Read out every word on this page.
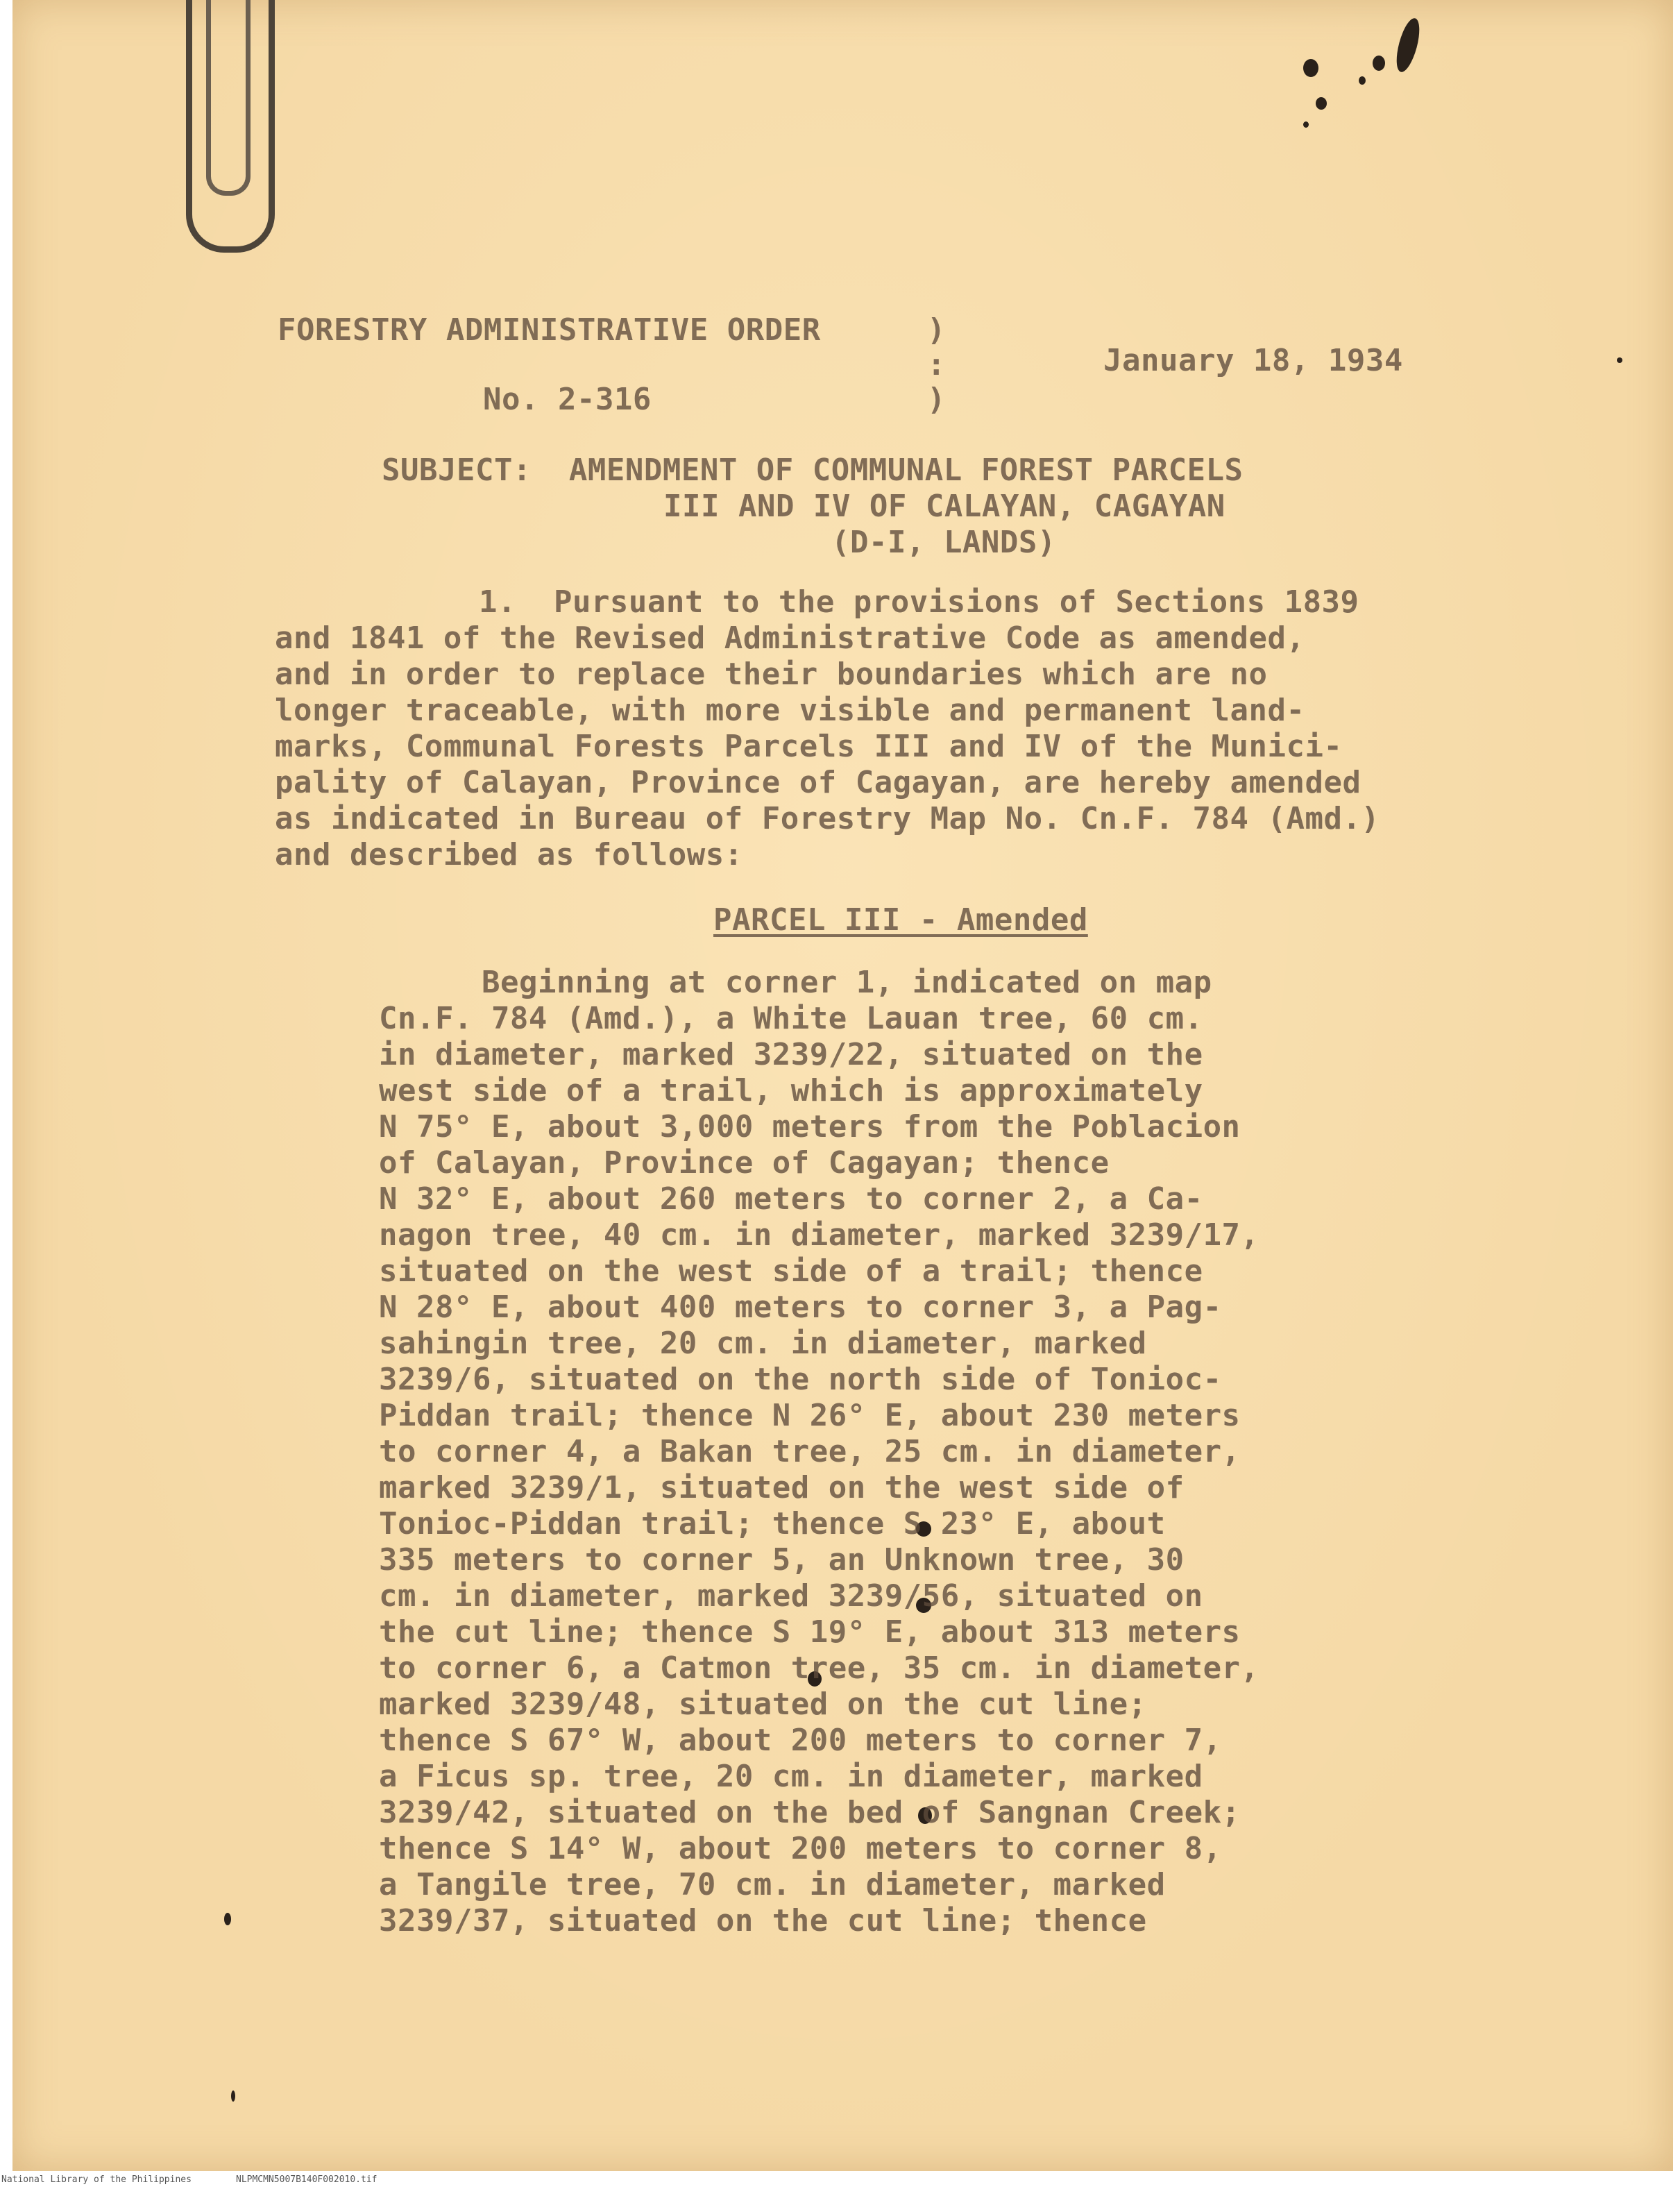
FORESTRY ADMINISTRATIVE ORDER
No. 2-316
)
:
)
January 18, 1934
SUBJECT:  AMENDMENT OF COMMUNAL FOREST PARCELS
III AND IV OF CALAYAN, CAGAYAN
(D-I, LANDS)
1.  Pursuant to the provisions of Sections 1839
and 1841 of the Revised Administrative Code as amended,
and in order to replace their boundaries which are no
longer traceable, with more visible and permanent land-
marks, Communal Forests Parcels III and IV of the Munici-
pality of Calayan, Province of Cagayan, are hereby amended
as indicated in Bureau of Forestry Map No. Cn.F. 784 (Amd.)
and described as follows:
PARCEL III - Amended
Beginning at corner 1, indicated on map
Cn.F. 784 (Amd.), a White Lauan tree, 60 cm.
in diameter, marked 3239/22, situated on the
west side of a trail, which is approximately
N 75° E, about 3,000 meters from the Poblacion
of Calayan, Province of Cagayan; thence
N 32° E, about 260 meters to corner 2, a Ca-
nagon tree, 40 cm. in diameter, marked 3239/17,
situated on the west side of a trail; thence
N 28° E, about 400 meters to corner 3, a Pag-
sahingin tree, 20 cm. in diameter, marked
3239/6, situated on the north side of Tonioc-
Piddan trail; thence N 26° E, about 230 meters
to corner 4, a Bakan tree, 25 cm. in diameter,
marked 3239/1, situated on the west side of
Tonioc-Piddan trail; thence S 23° E, about
335 meters to corner 5, an Unknown tree, 30
cm. in diameter, marked 3239/56, situated on
the cut line; thence S 19° E, about 313 meters
to corner 6, a Catmon tree, 35 cm. in diameter,
marked 3239/48, situated on the cut line;
thence S 67° W, about 200 meters to corner 7,
a Ficus sp. tree, 20 cm. in diameter, marked
3239/42, situated on the bed of Sangnan Creek;
thence S 14° W, about 200 meters to corner 8,
a Tangile tree, 70 cm. in diameter, marked
3239/37, situated on the cut line; thence

National Library of the Philippines

	NLPMCMN5007B140F002010.tif
